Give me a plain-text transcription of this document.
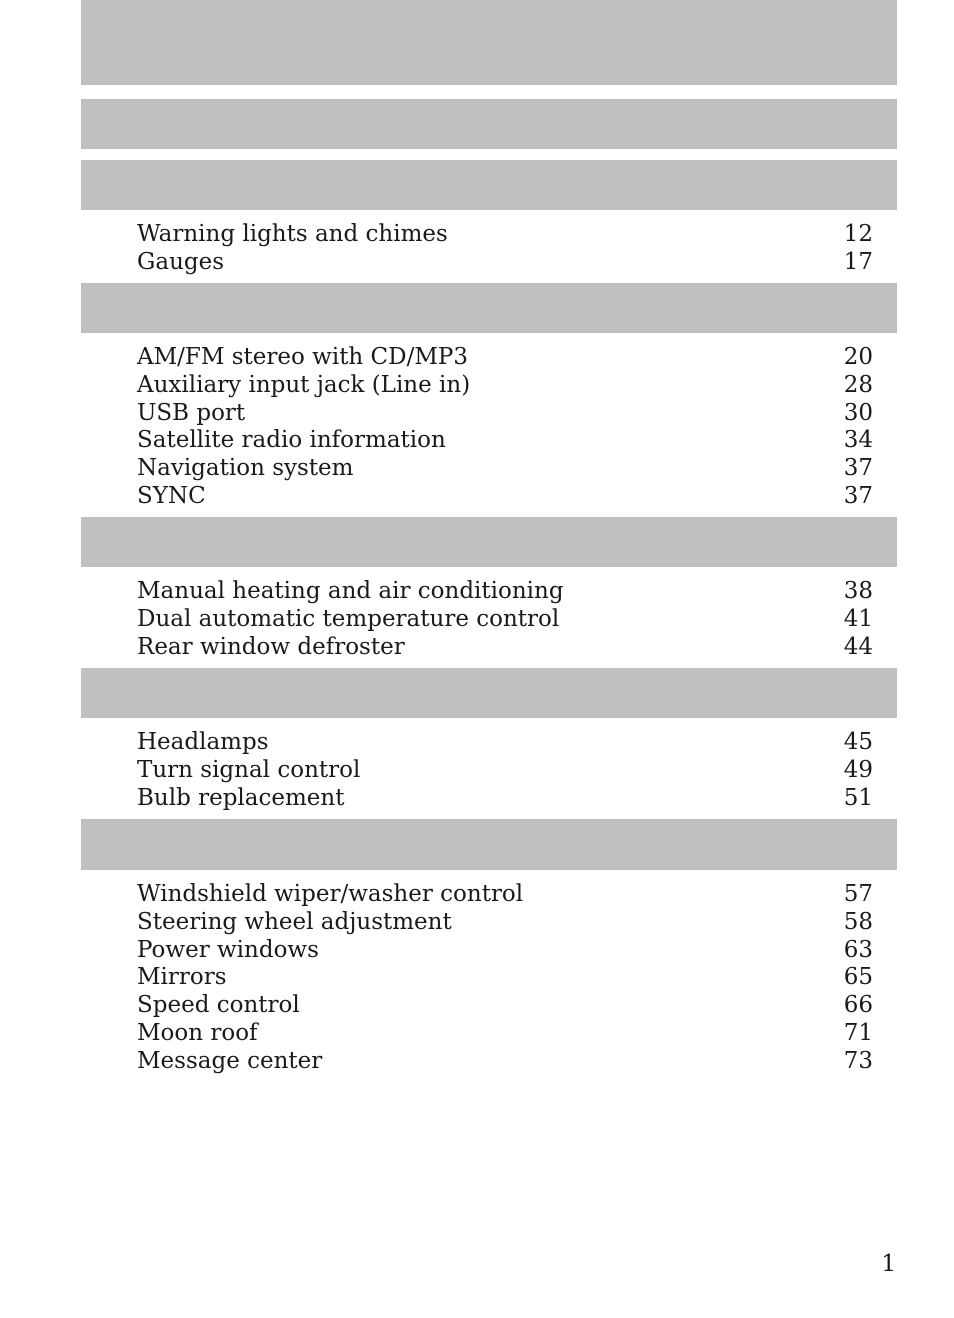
Warning lights and chimes	12
Gauges	17
AM/FM stereo with CD/MP3	20
Auxiliary input jack (Line in)	28
USB port	30
Satellite radio information	34
Navigation system	37
SYNC	37
Manual heating and air conditioning	38
Dual automatic temperature control	41
Rear window defroster	44
Headlamps	45
Turn signal control	49
Bulb replacement	51
Windshield wiper/washer control	57
Steering wheel adjustment	58
Power windows	63
Mirrors	65
Speed control	66
Moon roof	71
Message center	73
1
